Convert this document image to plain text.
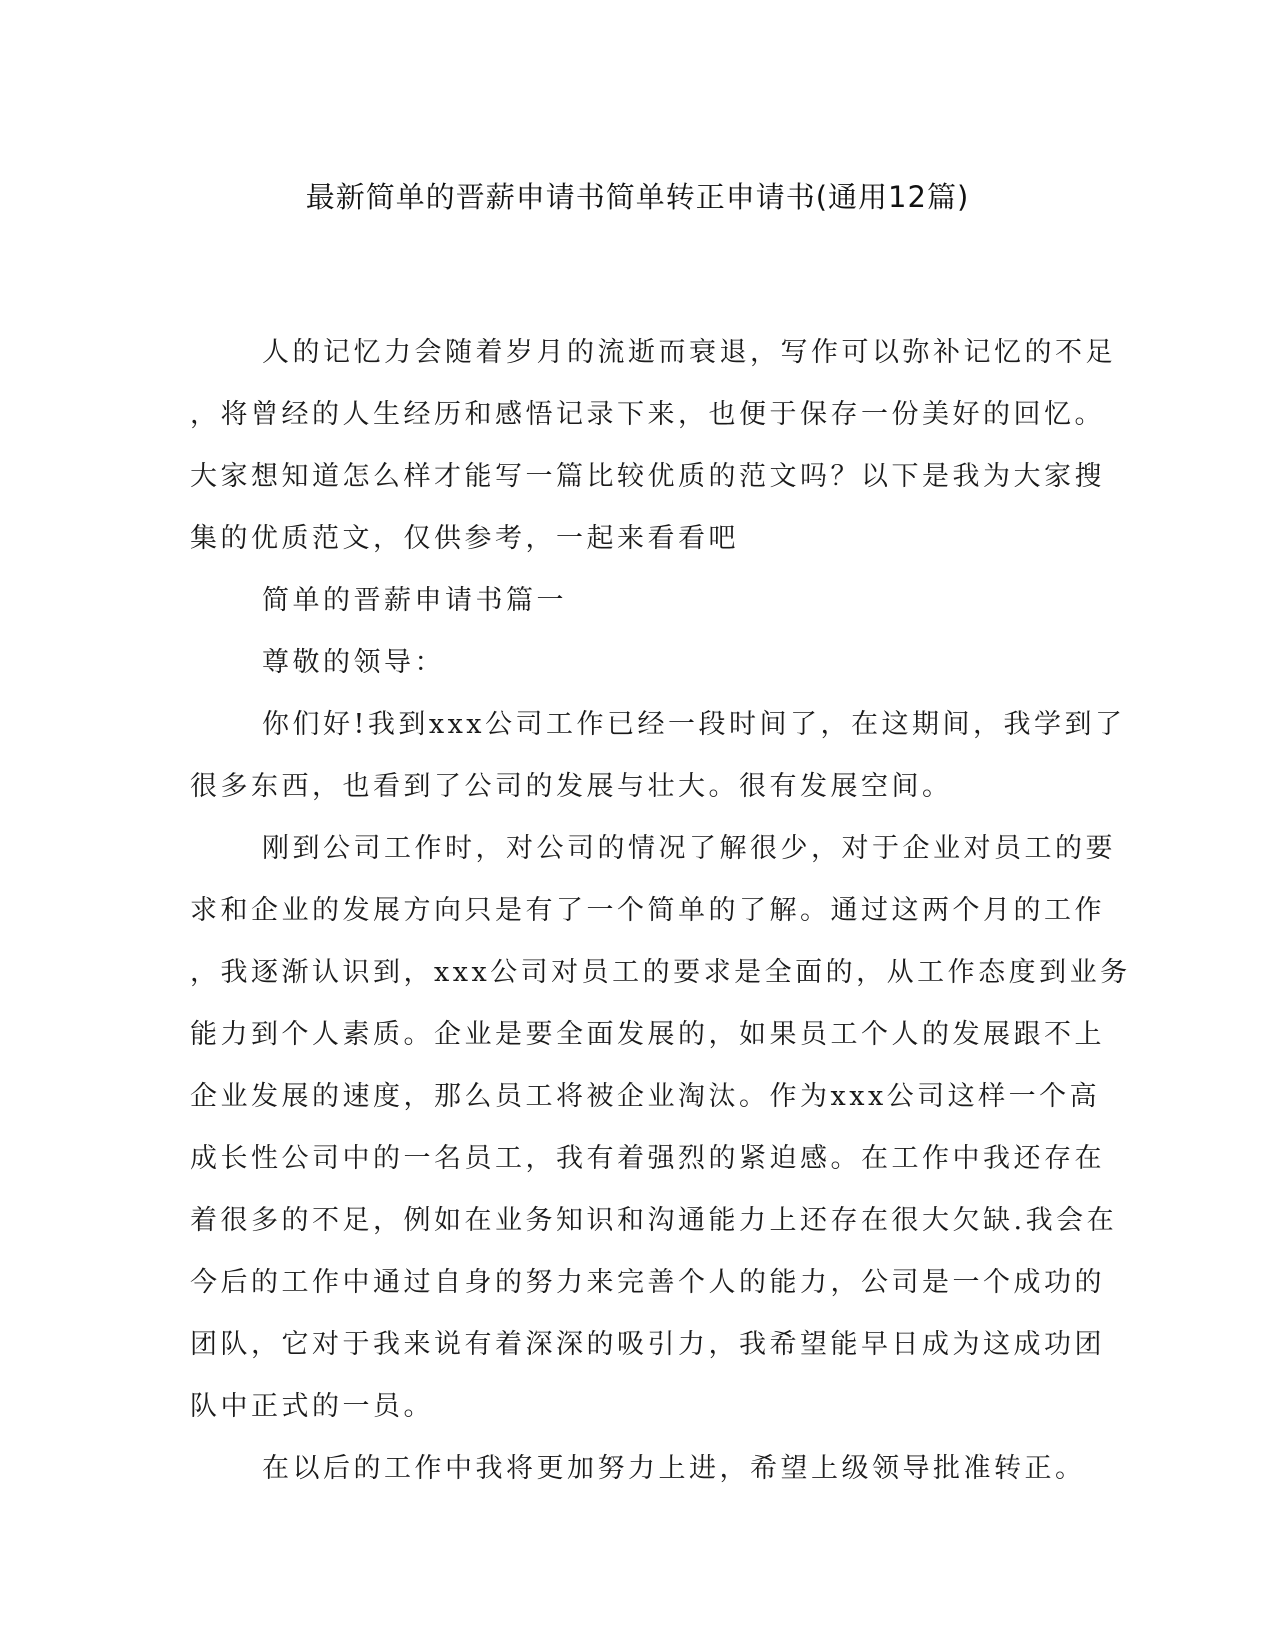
最新简单的晋薪申请书简单转正申请书(通用12篇)
人的记忆力会随着岁月的流逝而衰退，写作可以弥补记忆的不足
，将曾经的人生经历和感悟记录下来，也便于保存一份美好的回忆。
大家想知道怎么样才能写一篇比较优质的范文吗？以下是我为大家搜
集的优质范文，仅供参考，一起来看看吧
简单的晋薪申请书篇一
尊敬的领导：
你们好!我到xxx公司工作已经一段时间了，在这期间，我学到了
很多东西，也看到了公司的发展与壮大。很有发展空间。
刚到公司工作时，对公司的情况了解很少，对于企业对员工的要
求和企业的发展方向只是有了一个简单的了解。通过这两个月的工作
，我逐渐认识到，xxx公司对员工的要求是全面的，从工作态度到业务
能力到个人素质。企业是要全面发展的，如果员工个人的发展跟不上
企业发展的速度，那么员工将被企业淘汰。作为xxx公司这样一个高
成长性公司中的一名员工，我有着强烈的紧迫感。在工作中我还存在
着很多的不足，例如在业务知识和沟通能力上还存在很大欠缺.我会在
今后的工作中通过自身的努力来完善个人的能力，公司是一个成功的
团队，它对于我来说有着深深的吸引力，我希望能早日成为这成功团
队中正式的一员。
在以后的工作中我将更加努力上进，希望上级领导批准转正。
